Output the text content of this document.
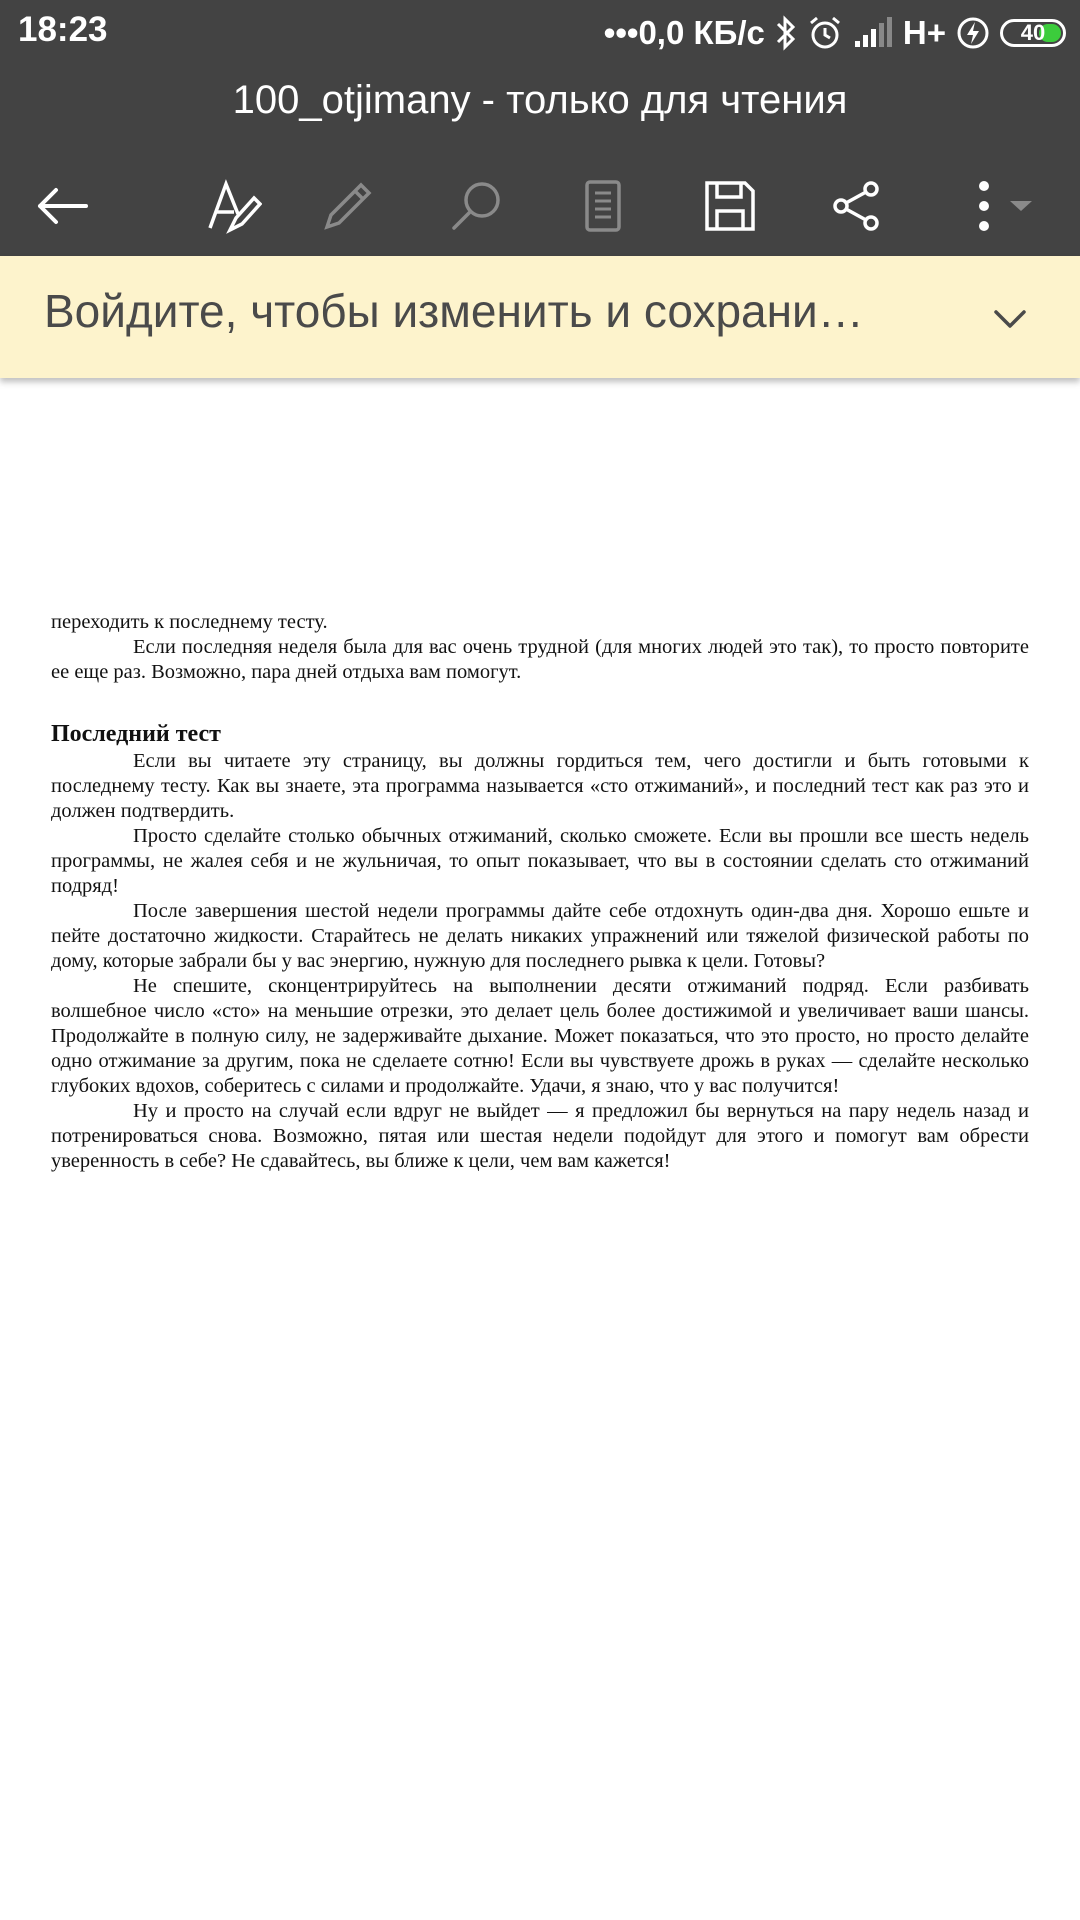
18:23	•••0,0 КБ/с	H+	40
100_otjimany - только для чтения

переходить к последнему тесту.

Если последняя неделя была для вас очень трудной (для многих людей это так), то просто повторите ее еще раз. Возможно, пара дней отдыха вам помогут.

Последний тест

Если вы читаете эту страницу, вы должны гордиться тем, чего достигли и быть готовыми к последнему тесту. Как вы знаете, эта программа называется «сто отжиманий», и последний тест как раз это и должен подтвердить.

Просто сделайте столько обычных отжиманий, сколько сможете. Если вы прошли все шесть недель программы, не жалея себя и не жульничая, то опыт показывает, что вы в состоянии сделать сто отжиманий подряд!

После завершения шестой недели программы дайте себе отдохнуть один-два дня. Хорошо ешьте и пейте достаточно жидкости. Старайтесь не делать никаких упражнений или тяжелой физической работы по дому, которые забрали бы у вас энергию, нужную для последнего рывка к цели. Готовы?

Не спешите, сконцентрируйтесь на выполнении десяти отжиманий подряд. Если разбивать волшебное число «сто» на меньшие отрезки, это делает цель более достижимой и увеличивает ваши шансы. Продолжайте в полную силу, не задерживайте дыхание. Может показаться, что это просто, но просто делайте одно отжимание за другим, пока не сделаете сотню! Если вы чувствуете дрожь в руках — сделайте несколько глубоких вдохов, соберитесь с силами и продолжайте. Удачи, я знаю, что у вас получится!

Ну и просто на случай если вдруг не выйдет — я предложил бы вернуться на пару недель назад и потренироваться снова. Возможно, пятая или шестая недели подойдут для этого и помогут вам обрести уверенность в себе? Не сдавайтесь, вы ближе к цели, чем вам кажется!

Войдите, чтобы изменить и сохрани…
